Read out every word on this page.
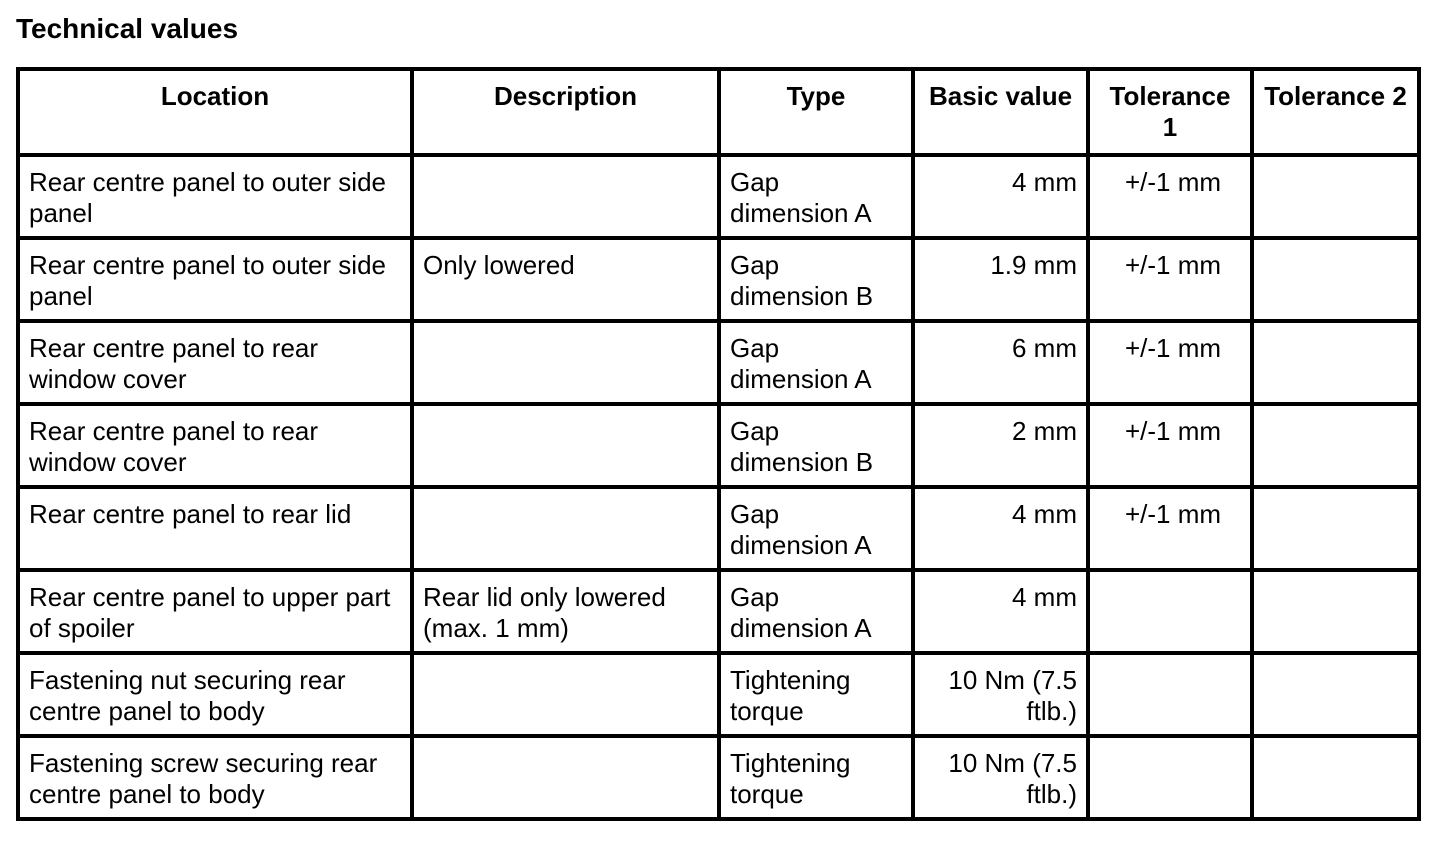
Technical values
Location	Description	Type	Basic value	Tolerance 1	Tolerance 2
Rear centre panel to outer side panel		Gap dimension A	4 mm	+/-1 mm	
Rear centre panel to outer side panel	Only lowered	Gap dimension B	1.9 mm	+/-1 mm	
Rear centre panel to rear window cover		Gap dimension A	6 mm	+/-1 mm	
Rear centre panel to rear window cover		Gap dimension B	2 mm	+/-1 mm	
Rear centre panel to rear lid		Gap dimension A	4 mm	+/-1 mm	
Rear centre panel to upper part of spoiler	Rear lid only lowered (max. 1 mm)	Gap dimension A	4 mm		
Fastening nut securing rear centre panel to body		Tightening torque	10 Nm (7.5 ftlb.)		
Fastening screw securing rear centre panel to body		Tightening torque	10 Nm (7.5 ftlb.)		
